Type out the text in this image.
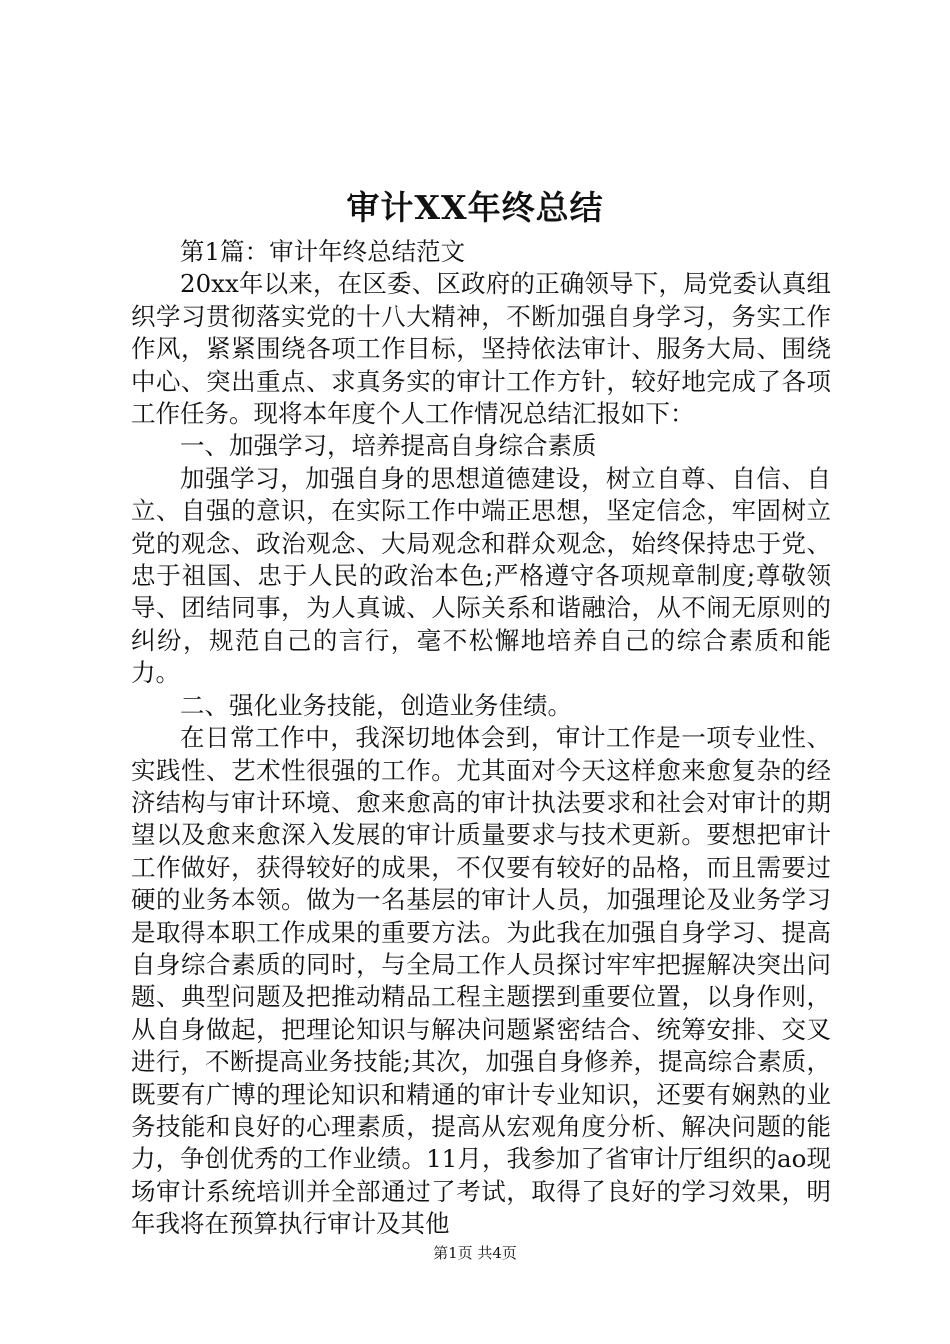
审计XX年终总结

第1篇：审计年终总结范文

20xx年以来，在区委、区政府的正确领导下，局党委认真组织学习贯彻落实党的十八大精神，不断加强自身学习，务实工作作风，紧紧围绕各项工作目标，坚持依法审计、服务大局、围绕中心、突出重点、求真务实的审计工作方针，较好地完成了各项工作任务。现将本年度个人工作情况总结汇报如下：

一、加强学习，培养提高自身综合素质

加强学习，加强自身的思想道德建设，树立自尊、自信、自立、自强的意识，在实际工作中端正思想，坚定信念，牢固树立党的观念、政治观念、大局观念和群众观念，始终保持忠于党、忠于祖国、忠于人民的政治本色;严格遵守各项规章制度;尊敬领导、团结同事，为人真诚、人际关系和谐融洽，从不闹无原则的纠纷，规范自己的言行，毫不松懈地培养自己的综合素质和能力。

二、强化业务技能，创造业务佳绩。

在日常工作中，我深切地体会到，审计工作是一项专业性、实践性、艺术性很强的工作。尤其面对今天这样愈来愈复杂的经济结构与审计环境、愈来愈高的审计执法要求和社会对审计的期望以及愈来愈深入发展的审计质量要求与技术更新。要想把审计工作做好，获得较好的成果，不仅要有较好的品格，而且需要过硬的业务本领。做为一名基层的审计人员，加强理论及业务学习是取得本职工作成果的重要方法。为此我在加强自身学习、提高自身综合素质的同时，与全局工作人员探讨牢牢把握解决突出问题、典型问题及把推动精品工程主题摆到重要位置，以身作则，从自身做起，把理论知识与解决问题紧密结合、统筹安排、交叉进行，不断提高业务技能;其次，加强自身修养，提高综合素质，既要有广博的理论知识和精通的审计专业知识，还要有娴熟的业务技能和良好的心理素质，提高从宏观角度分析、解决问题的能力，争创优秀的工作业绩。11月，我参加了省审计厅组织的ao现场审计系统培训并全部通过了考试，取得了良好的学习效果，明年我将在预算执行审计及其他

第1页 共4页
